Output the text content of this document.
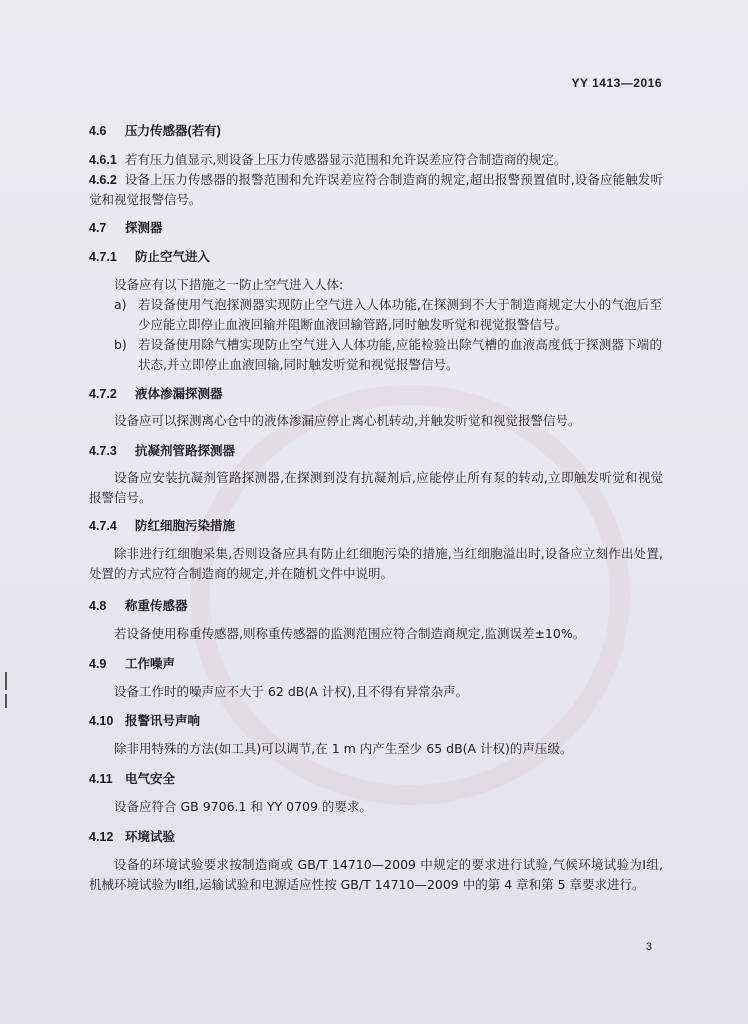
YY 1413—2016
4.6 压力传感器(若有)
4.6.1 若有压力值显示,则设备上压力传感器显示范围和允许误差应符合制造商的规定。
4.6.2 设备上压力传感器的报警范围和允许误差应符合制造商的规定,超出报警预置值时,设备应能触发听觉和视觉报警信号。
4.7 探测器
4.7.1 防止空气进入
设备应有以下措施之一防止空气进入人体:
a) 若设备使用气泡探测器实现防止空气进入人体功能,在探测到不大于制造商规定大小的气泡后至少应能立即停止血液回输并阻断血液回输管路,同时触发听觉和视觉报警信号。
b) 若设备使用除气槽实现防止空气进入人体功能,应能检验出除气槽的血液高度低于探测器下端的状态,并立即停止血液回输,同时触发听觉和视觉报警信号。
4.7.2 液体渗漏探测器
设备应可以探测离心仓中的液体渗漏应停止离心机转动,并触发听觉和视觉报警信号。
4.7.3 抗凝剂管路探测器
设备应安装抗凝剂管路探测器,在探测到没有抗凝剂后,应能停止所有泵的转动,立即触发听觉和视觉报警信号。
4.7.4 防红细胞污染措施
除非进行红细胞采集,否则设备应具有防止红细胞污染的措施,当红细胞溢出时,设备应立刻作出处置,处置的方式应符合制造商的规定,并在随机文件中说明。
4.8 称重传感器
若设备使用称重传感器,则称重传感器的监测范围应符合制造商规定,监测误差±10%。
4.9 工作噪声
设备工作时的噪声应不大于 62 dB(A 计权),且不得有异常杂声。
4.10 报警讯号声响
除非用特殊的方法(如工具)可以调节,在 1 m 内产生至少 65 dB(A 计权)的声压级。
4.11 电气安全
设备应符合 GB 9706.1 和 YY 0709 的要求。
4.12 环境试验
设备的环境试验要求按制造商或 GB/T 14710—2009 中规定的要求进行试验,气候环境试验为Ⅰ组,机械环境试验为Ⅱ组,运输试验和电源适应性按 GB/T 14710—2009 中的第 4 章和第 5 章要求进行。
3
